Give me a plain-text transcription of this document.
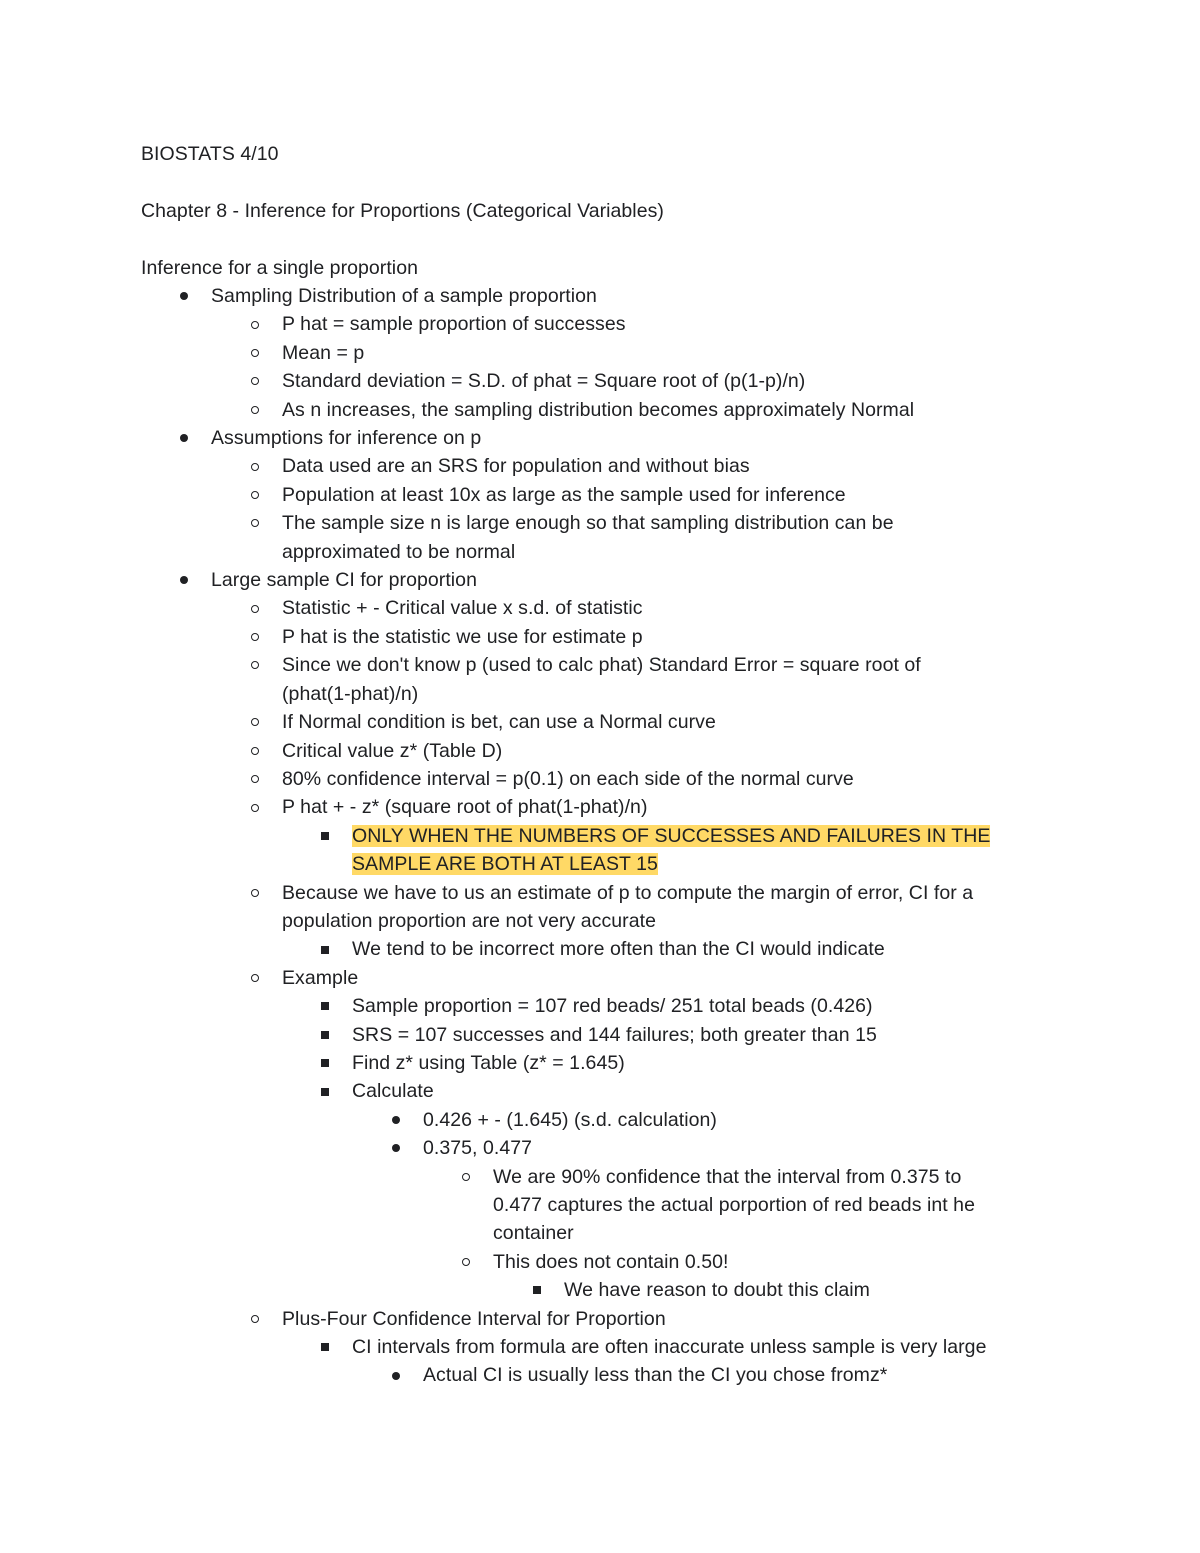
BIOSTATS 4/10
Chapter 8 - Inference for Proportions (Categorical Variables)
Inference for a single proportion
Sampling Distribution of a sample proportion
P hat = sample proportion of successes
Mean = p
Standard deviation = S.D. of phat = Square root of (p(1-p)/n)
As n increases, the sampling distribution becomes approximately Normal
Assumptions for inference on p
Data used are an SRS for population and without bias
Population at least 10x as large as the sample used for inference
The sample size n is large enough so that sampling distribution can be
approximated to be normal
Large sample CI for proportion
Statistic + - Critical value x s.d. of statistic
P hat is the statistic we use for estimate p
Since we don't know p (used to calc phat) Standard Error = square root of
(phat(1-phat)/n)
If Normal condition is bet, can use a Normal curve
Critical value z* (Table D)
80% confidence interval = p(0.1) on each side of the normal curve
P hat + - z* (square root of phat(1-phat)/n)
ONLY WHEN THE NUMBERS OF SUCCESSES AND FAILURES IN THE
SAMPLE ARE BOTH AT LEAST 15
Because we have to us an estimate of p to compute the margin of error, CI for a
population proportion are not very accurate
We tend to be incorrect more often than the CI would indicate
Example
Sample proportion = 107 red beads/ 251 total beads (0.426)
SRS = 107 successes and 144 failures; both greater than 15
Find z* using Table (z* = 1.645)
Calculate
0.426 + - (1.645) (s.d. calculation)
0.375, 0.477
We are 90% confidence that the interval from 0.375 to
0.477 captures the actual porportion of red beads int he
container
This does not contain 0.50!
We have reason to doubt this claim
Plus-Four Confidence Interval for Proportion
CI intervals from formula are often inaccurate unless sample is very large
Actual CI is usually less than the CI you chose fromz*
